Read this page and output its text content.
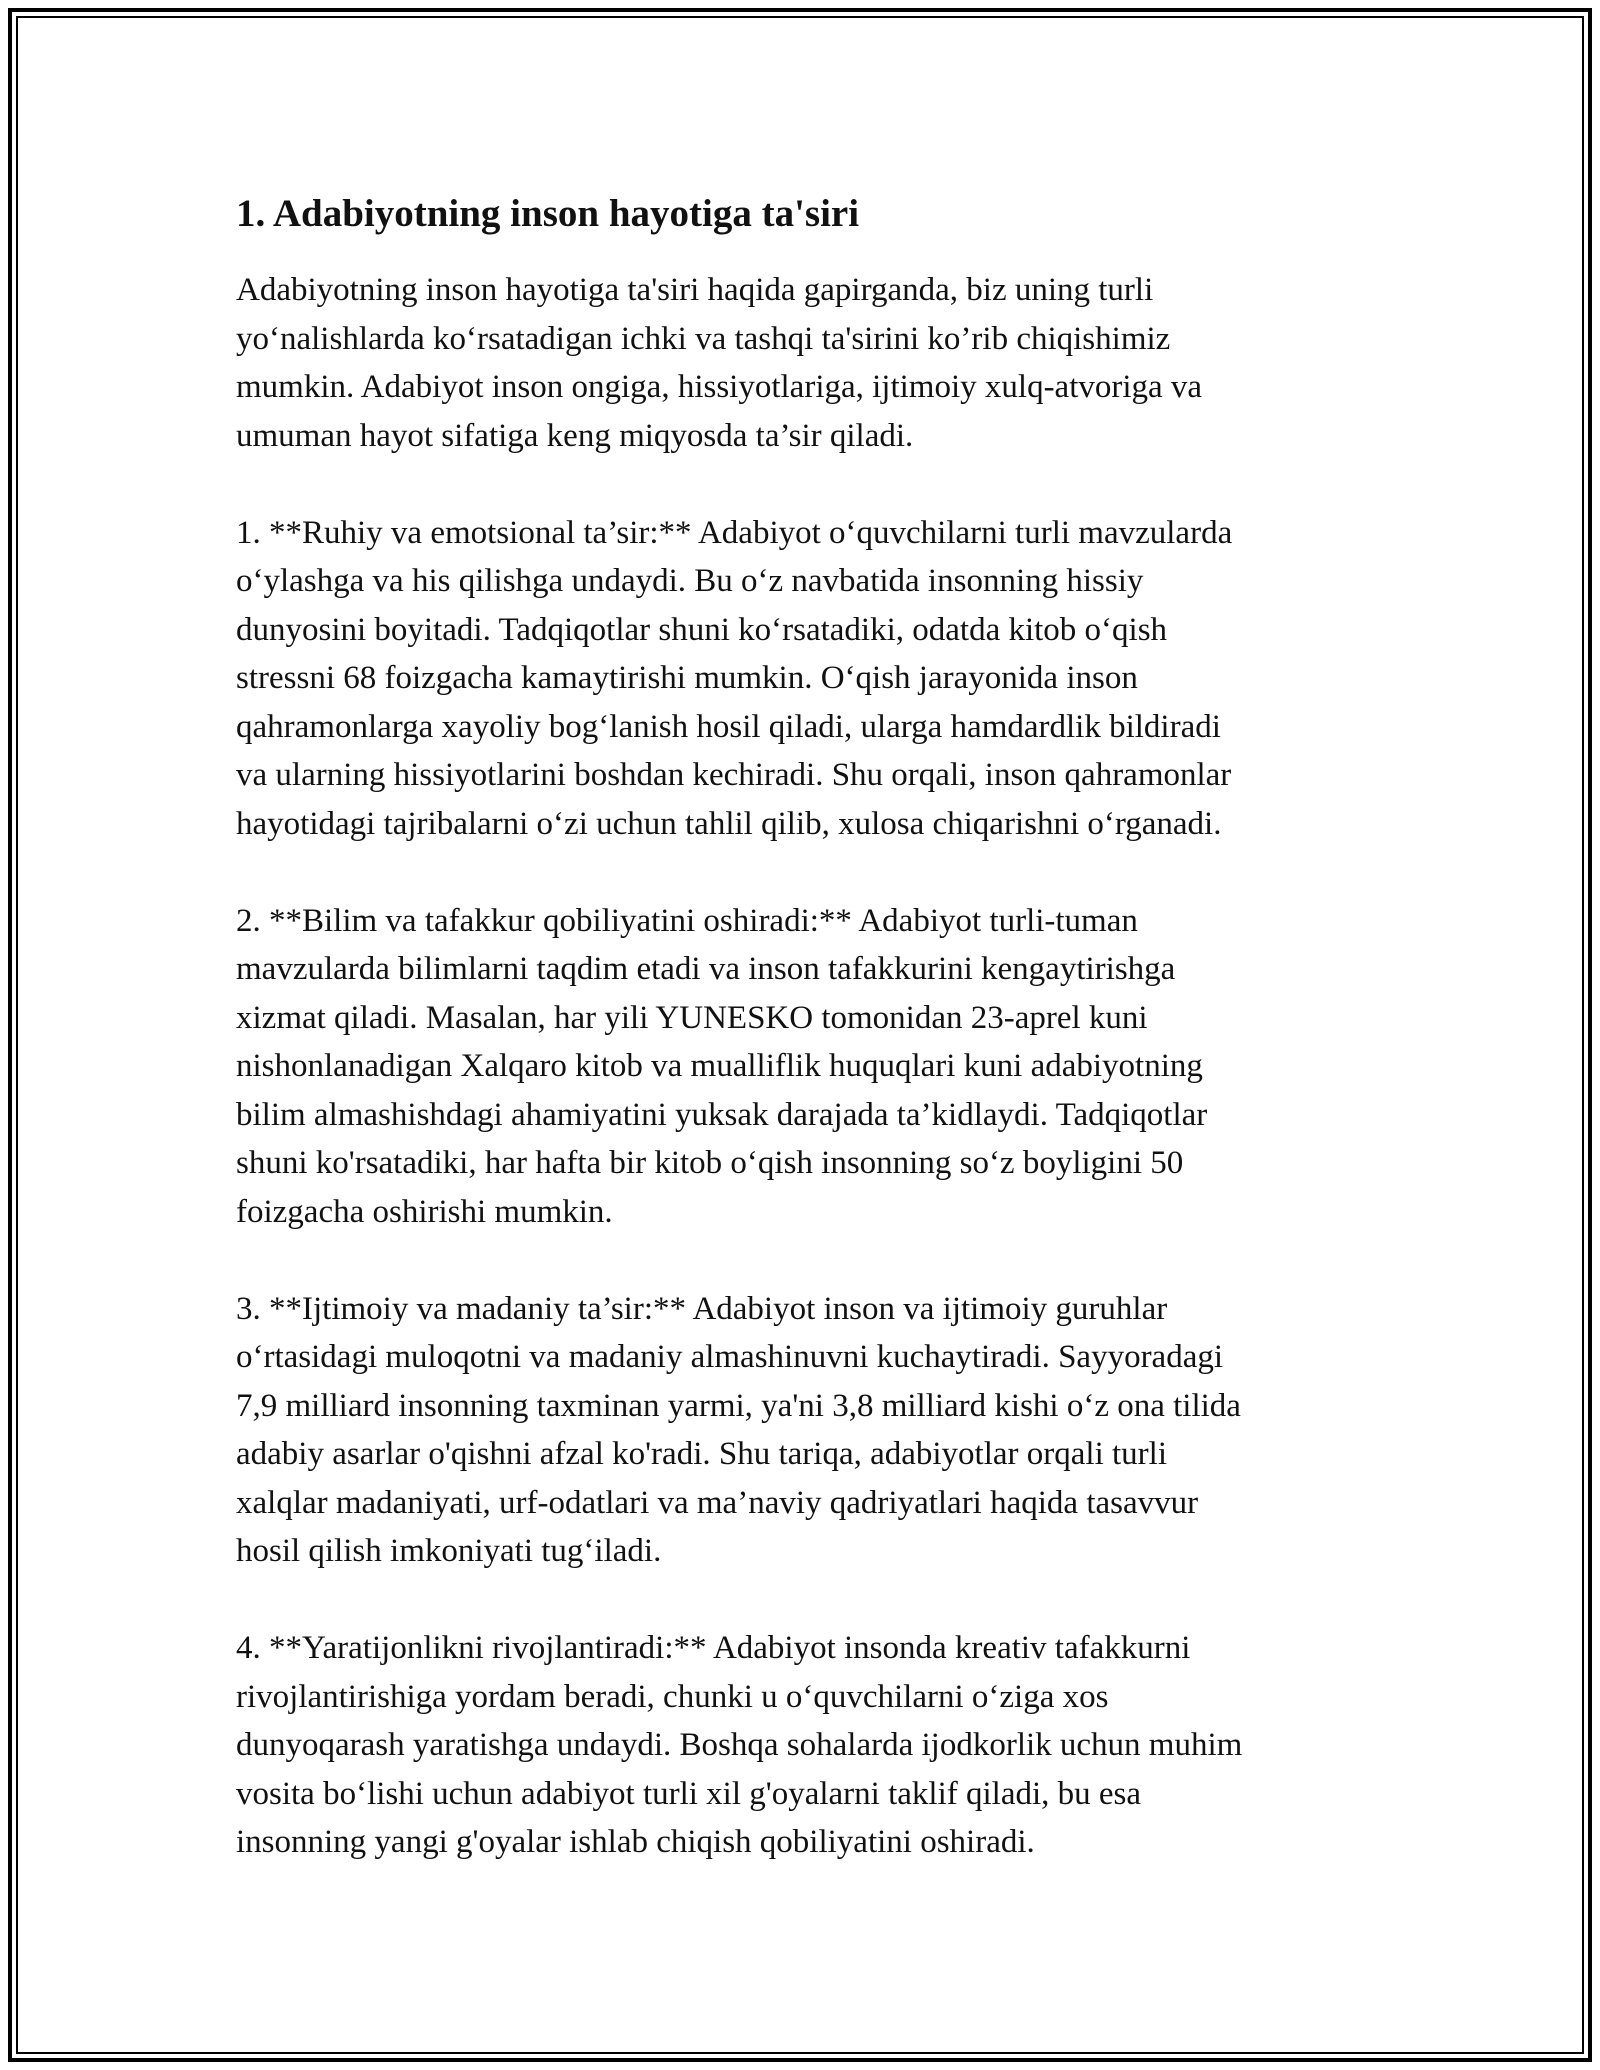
1. Adabiyotning inson hayotiga ta'siri

Adabiyotning inson hayotiga ta'siri haqida gapirganda, biz uning turli
yo‘nalishlarda ko‘rsatadigan ichki va tashqi ta'sirini ko’rib chiqishimiz
mumkin. Adabiyot inson ongiga, hissiyotlariga, ijtimoiy xulq-atvoriga va
umuman hayot sifatiga keng miqyosda ta’sir qiladi.

1. **Ruhiy va emotsional ta’sir:** Adabiyot o‘quvchilarni turli mavzularda
o‘ylashga va his qilishga undaydi. Bu o‘z navbatida insonning hissiy
dunyosini boyitadi. Tadqiqotlar shuni ko‘rsatadiki, odatda kitob o‘qish
stressni 68 foizgacha kamaytirishi mumkin. O‘qish jarayonida inson
qahramonlarga xayoliy bog‘lanish hosil qiladi, ularga hamdardlik bildiradi
va ularning hissiyotlarini boshdan kechiradi. Shu orqali, inson qahramonlar
hayotidagi tajribalarni o‘zi uchun tahlil qilib, xulosa chiqarishni o‘rganadi.

2. **Bilim va tafakkur qobiliyatini oshiradi:** Adabiyot turli-tuman
mavzularda bilimlarni taqdim etadi va inson tafakkurini kengaytirishga
xizmat qiladi. Masalan, har yili YUNESKO tomonidan 23-aprel kuni
nishonlanadigan Xalqaro kitob va mualliflik huquqlari kuni adabiyotning
bilim almashishdagi ahamiyatini yuksak darajada ta’kidlaydi. Tadqiqotlar
shuni ko'rsatadiki, har hafta bir kitob o‘qish insonning so‘z boyligini 50
foizgacha oshirishi mumkin.

3. **Ijtimoiy va madaniy ta’sir:** Adabiyot inson va ijtimoiy guruhlar
o‘rtasidagi muloqotni va madaniy almashinuvni kuchaytiradi. Sayyoradagi
7,9 milliard insonning taxminan yarmi, ya'ni 3,8 milliard kishi o‘z ona tilida
adabiy asarlar o'qishni afzal ko'radi. Shu tariqa, adabiyotlar orqali turli
xalqlar madaniyati, urf-odatlari va ma’naviy qadriyatlari haqida tasavvur
hosil qilish imkoniyati tug‘iladi.

4. **Yaratijonlikni rivojlantiradi:** Adabiyot insonda kreativ tafakkurni
rivojlantirishiga yordam beradi, chunki u o‘quvchilarni o‘ziga xos
dunyoqarash yaratishga undaydi. Boshqa sohalarda ijodkorlik uchun muhim
vosita bo‘lishi uchun adabiyot turli xil g'oyalarni taklif qiladi, bu esa
insonning yangi g'oyalar ishlab chiqish qobiliyatini oshiradi.
